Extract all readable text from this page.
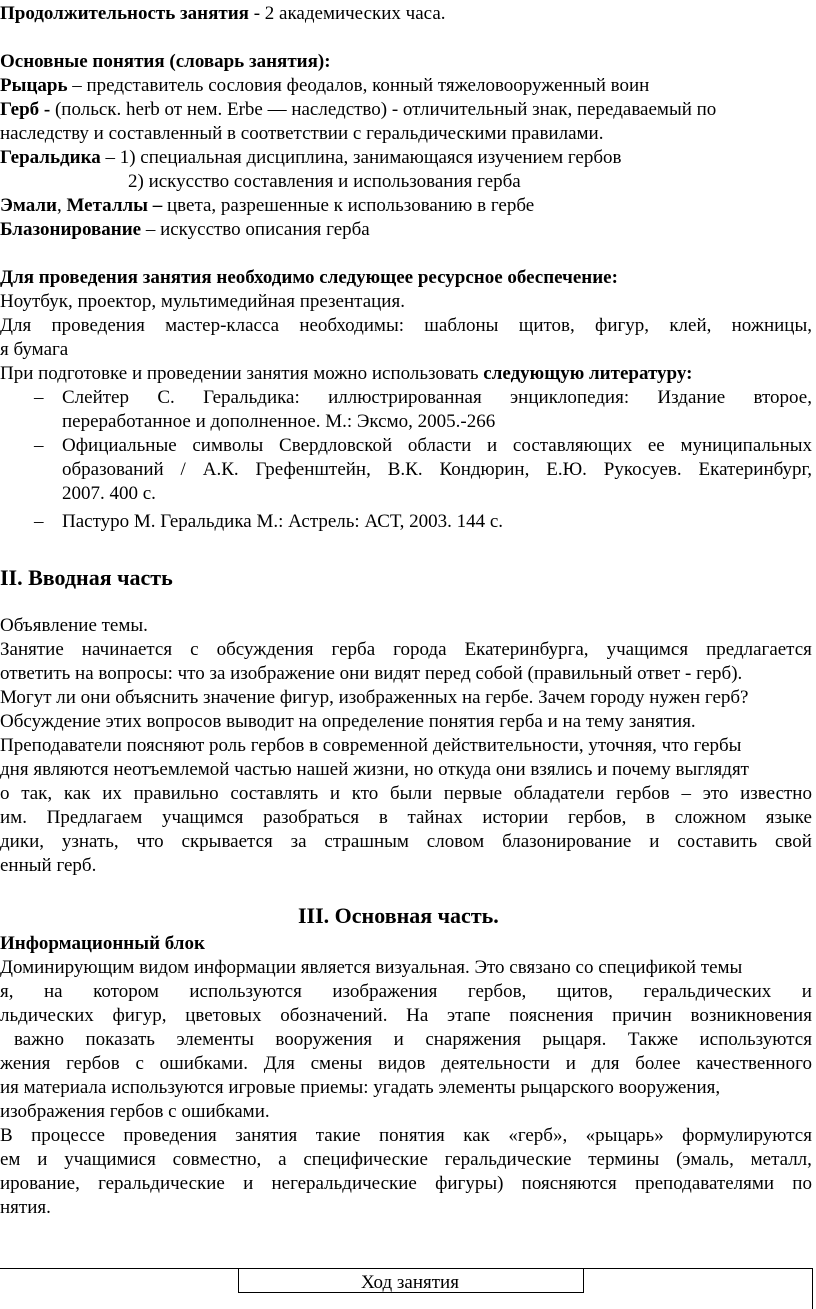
Продолжительность занятия - 2 академических часа.

Основные понятия (словарь занятия):

Рыцарь – представитель сословия феодалов, конный тяжеловооруженный воин

Герб - (польск. herb от нем. Erbe — наследство) - отличительный знак, передаваемый по

наследству и составленный в соответствии с геральдическими правилами.

Геральдика – 1) специальная дисциплина, занимающаяся изучением гербов

2) искусство составления и использования герба

Эмали, Металлы – цвета, разрешенные к использованию в гербе

Блазонирование – искусство описания герба

Для проведения занятия необходимо следующее ресурсное обеспечение:

Ноутбук, проектор, мультимедийная презентация.

Для проведения мастер-класса необходимы: шаблоны щитов, фигур, клей, ножницы,

я бумага

При подготовке и проведении занятия можно использовать следующую литературу:

– Слейтер С. Геральдика: иллюстрированная энциклопедия: Издание второе,

переработанное и дополненное. М.: Эксмо, 2005.-266

– Официальные символы Свердловской области и составляющих ее муниципальных
образований / А.К. Грефенштейн, В.К. Кондюрин, Е.Ю. Рукосуев. Екатеринбург,

2007. 400 с.

– Пастуро М. Геральдика М.: Астрель: АСТ, 2003. 144 с.

II. Вводная часть

Объявление темы.

Занятие начинается с обсуждения герба города Екатеринбурга, учащимся предлагается

ответить на вопросы: что за изображение они видят перед собой (правильный ответ - герб).

Могут ли они объяснить значение фигур, изображенных на гербе. Зачем городу нужен герб?

Обсуждение этих вопросов выводит на определение понятия герба и на тему занятия.

Преподаватели поясняют роль гербов в современной действительности, уточняя, что гербы

дня являются неотъемлемой частью нашей жизни, но откуда они взялись и почему выглядят

о так, как их правильно составлять и кто были первые обладатели гербов – это известно
им. Предлагаем учащимся разобраться в тайнах истории гербов, в сложном языке
дики, узнать, что скрывается за страшным словом блазонирование и составить свой

енный герб.

III. Основная часть.

Информационный блок

Доминирующим видом информации является визуальная. Это связано со спецификой темы

я, на котором используются изображения гербов, щитов, геральдических и
льдических фигур, цветовых обозначений. На этапе пояснения причин возникновения
важно показать элементы вооружения и снаряжения рыцаря. Также используются
жения гербов с ошибками. Для смены видов деятельности и для более качественного

ия материала используются игровые приемы: угадать элементы рыцарского вооружения,

изображения гербов с ошибками.

В процессе проведения занятия такие понятия как «герб», «рыцарь» формулируются
ем и учащимися совместно, а специфические геральдические термины (эмаль, металл,
ирование, геральдические и негеральдические фигуры) поясняются преподавателями по

нятия.

Ход занятия
